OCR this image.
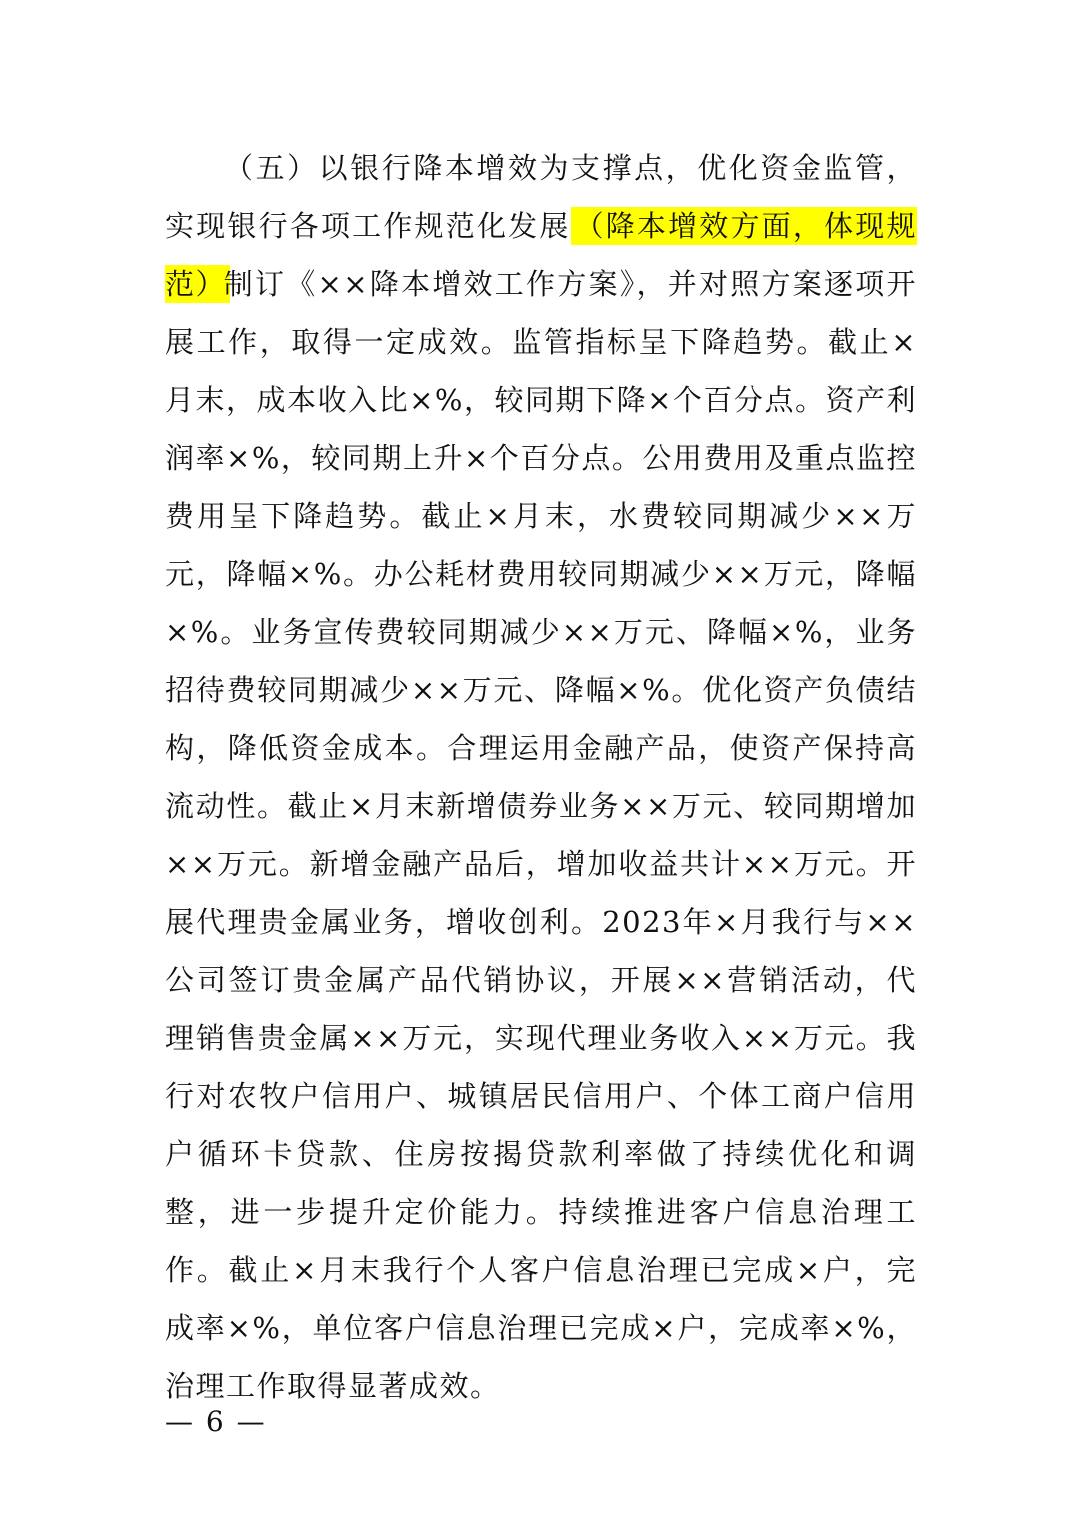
（五）以银行降本增效为支撑点，优化资金监管，实现银行各项工作规范化发展 （降本增效方面，体现规范）

制订《××降本增效工作方案》，并对照方案逐项开展工作，取得一定成效。监管指标呈下降趋势。截止×月末，成本收入比×%，较同期下降×个百分点。资产利润率×%，较同期上升×个百分点。公用费用及重点监控费用呈下降趋势。截止×月末，水费较同期减少××万元，降幅×%。办公耗材费用较同期减少××万元，降幅×%。业务宣传费较同期减少××万元、降幅×%，业务招待费较同期减少××万元、降幅×%。优化资产负债结构，降低资金成本。合理运用金融产品，使资产保持高流动性。截止×月末新增债券业务××万元、较同期增加××万元。新增金融产品后，增加收益共计××万元。开展代理贵金属业务，增收创利。2023年×月我行与××公司签订贵金属产品代销协议，开展××营销活动，代理销售贵金属××万元，实现代理业务收入××万元。我行对农牧户信用户、城镇居民信用户、个体工商户信用户循环卡贷款、住房按揭贷款利率做了持续优化和调整，进一步提升定价能力。持续推进客户信息治理工作。截止×月末我行个人客户信息治理已完成×户，完成率×%，单位客户信息治理已完成×户，完成率×%，治理工作取得显著成效。

— 6 —
